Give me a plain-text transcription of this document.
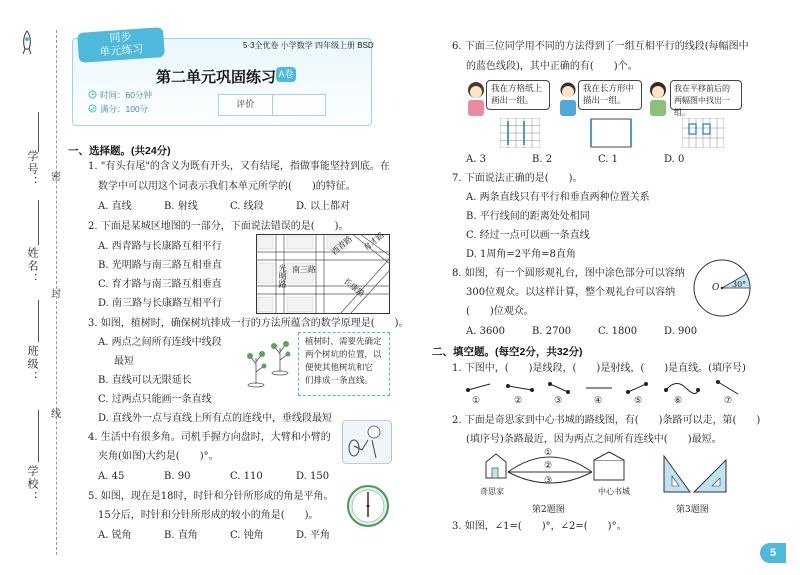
密
封
线
学号：
姓名：
班级：
学校：
同步
单元练习	5·3全优卷 小学数学 四年级上册 BSD
第二单元巩固练习 A卷
时间：60分钟
满分：100分	评价
一、选择题。(共24分)
1. "有头有尾"的含义为既有开头，又有结尾，指做事能坚持到底。在
数学中可以用这个词表示我们本单元所学的(　　)的特征。
A. 直线	B. 射线	C. 线段	D. 以上都对
2. 下面是某城区地图的一部分，下面说法错误的是(　　)。
A. 西青路与长康路互相平行
B. 光明路与南三路互相垂直
C. 育才路与南三路互相垂直
D. 南三路与长康路互相平行
西青路 育才路
光明路 南三路
长康路
3. 如图，植树时，确保树坑排成一行的方法所蕴含的数学原理是(　　)。
A. 两点之间所有连线中线段
最短
B. 直线可以无限延长
C. 过两点只能画一条直线
D. 直线外一点与直线上所有点的连线中，垂线段最短
植树时，需要先确定
两个树坑的位置，以
便使其他树坑和它
们排成一条直线。
4. 生活中有很多角。司机手握方向盘时，大臂和小臂的
夹角(如图)大约是(　　)°。
A. 45	B. 90	C. 110	D. 150
5. 如图，现在是18时，时针和分针所形成的角是平角。
15分后，时针和分针所形成的较小的角是(　　)。
A. 锐角	B. 直角	C. 钝角	D. 平角
6. 下面三位同学用不同的方法得到了一组互相平行的线段(每幅图中
的蓝色线段)，其中正确的有(　　)个。
我在方格纸上
画出一组。
我在长方形中
描出一组。
我在平移前后的
两幅图中找出一组。
A. 3	B. 2	C. 1	D. 0
7. 下面说法正确的是(　　)。
A. 两条直线只有平行和垂直两种位置关系
B. 平行线间的距离处处相同
C. 经过一点可以画一条直线
D. 1周角=2平角=8直角
8. 如图，有一个圆形观礼台，图中涂色部分可以容纳
300位观众。以这样计算，整个观礼台可以容纳
(　　)位观众。
O 30°
A. 3600	B. 2700	C. 1800	D. 900
二、填空题。(每空2分，共32分)
1. 下图中，(　　)是线段，(　　)是射线，(　　)是直线。(填序号)
①	②	③	④	⑤	⑥	⑦
2. 下面是奇思家到中心书城的路线图，有(　　)条路可以走，第(　　)
(填序号)条路最近，因为两点之间所有连线中(　　)最短。
①
②
③
奇思家	中心书城
第2题图	第3题图
3. 如图，∠1=(　　)°，∠2=(　　)°。
5
